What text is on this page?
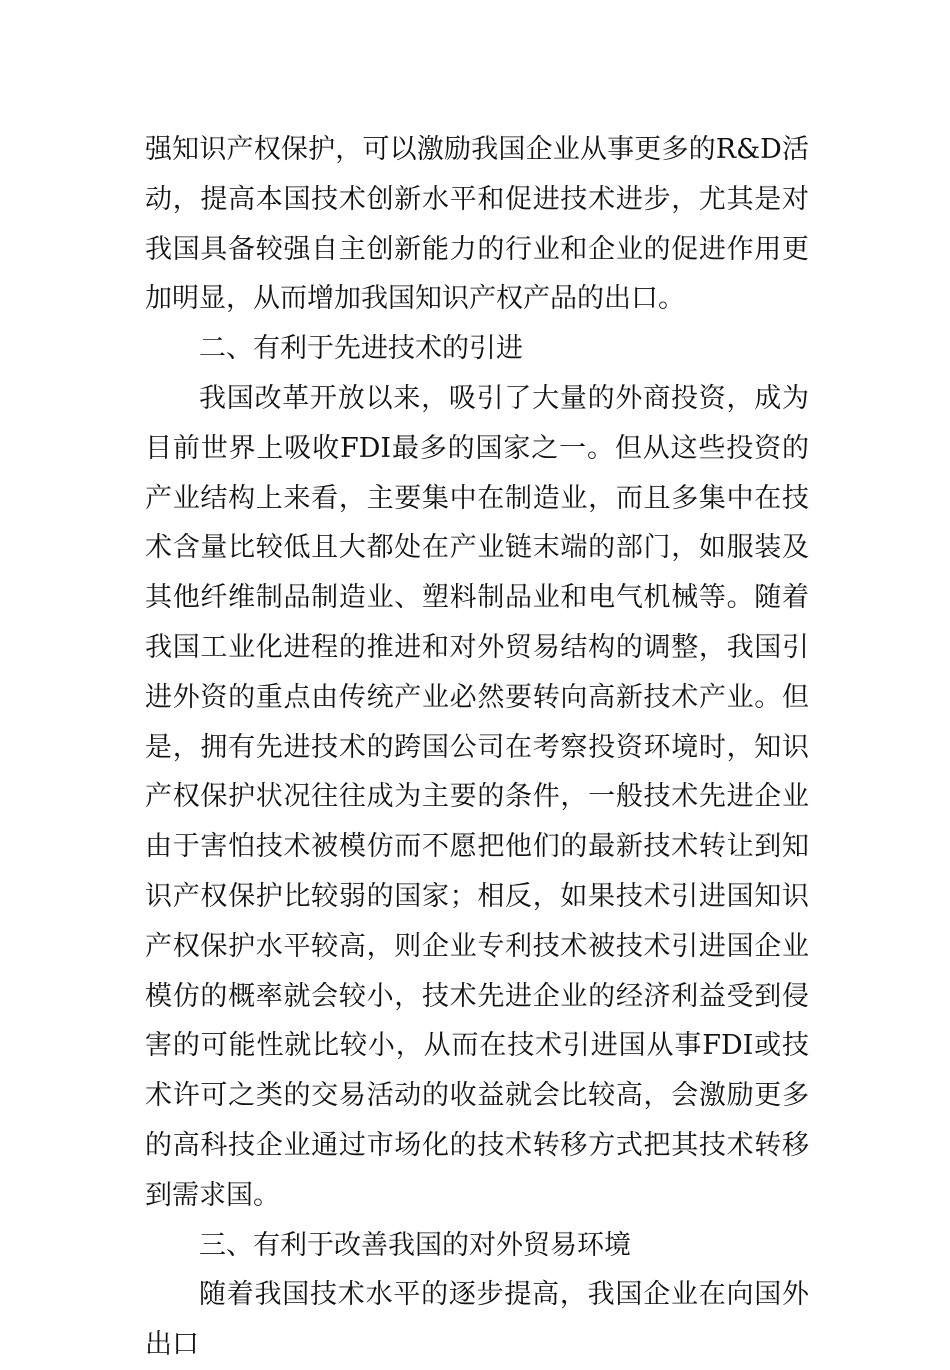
强知识产权保护，可以激励我国企业从事更多的R&D活动，提高本国技术创新水平和促进技术进步，尤其是对我国具备较强自主创新能力的行业和企业的促进作用更加明显，从而增加我国知识产权产品的出口。

二、有利于先进技术的引进

我国改革开放以来，吸引了大量的外商投资，成为目前世界上吸收FDI最多的国家之一。但从这些投资的产业结构上来看，主要集中在制造业，而且多集中在技术含量比较低且大都处在产业链末端的部门，如服装及其他纤维制品制造业、塑料制品业和电气机械等。随着我国工业化进程的推进和对外贸易结构的调整，我国引进外资的重点由传统产业必然要转向高新技术产业。但是，拥有先进技术的跨国公司在考察投资环境时，知识产权保护状况往往成为主要的条件，一般技术先进企业由于害怕技术被模仿而不愿把他们的最新技术转让到知识产权保护比较弱的国家；相反，如果技术引进国知识产权保护水平较高，则企业专利技术被技术引进国企业模仿的概率就会较小，技术先进企业的经济利益受到侵害的可能性就比较小，从而在技术引进国从事FDI或技术许可之类的交易活动的收益就会比较高，会激励更多的高科技企业通过市场化的技术转移方式把其技术转移到需求国。

三、有利于改善我国的对外贸易环境

随着我国技术水平的逐步提高，我国企业在向国外出口
